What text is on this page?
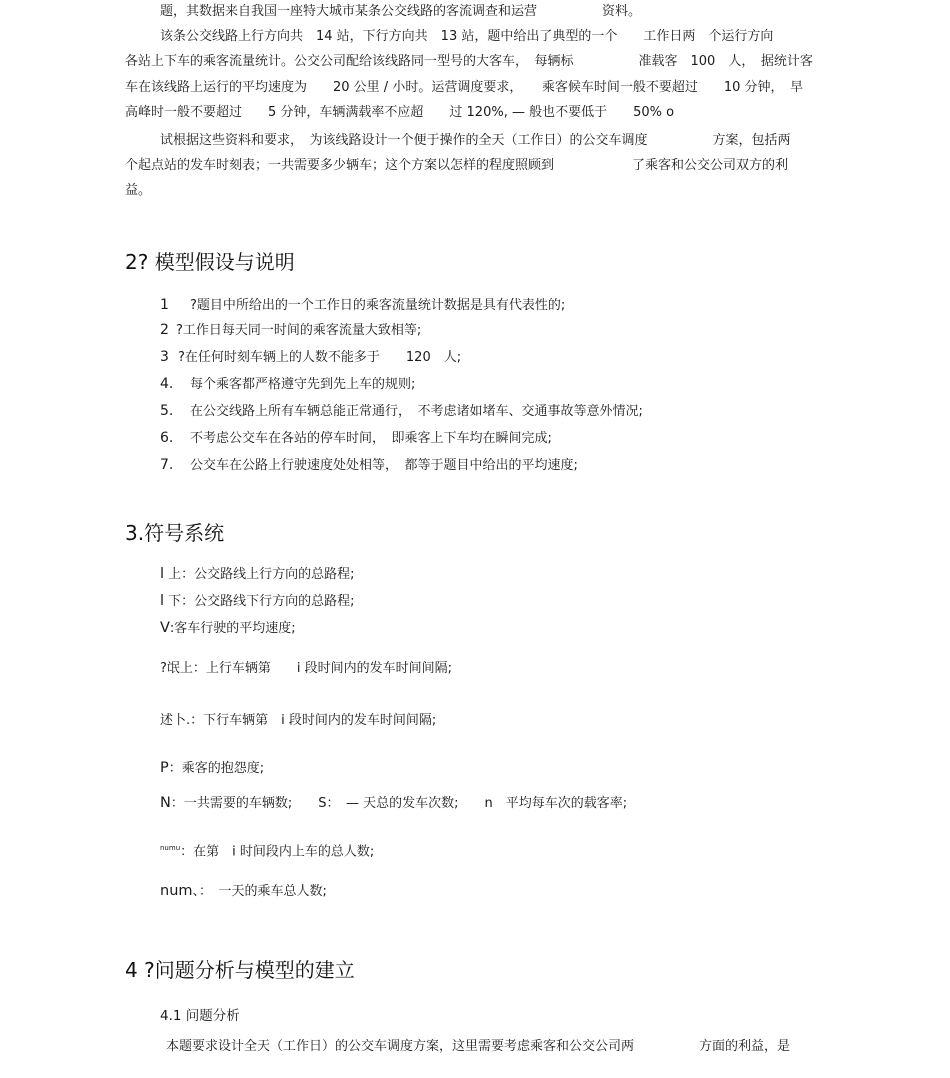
题，其数据来自我国一座特大城市某条公交线路的客流调查和运营　　　　　资料。
该条公交线路上行方向共　14 站，下行方向共　13 站，题中给出了典型的一个　　工作日两　个运行方向
各站上下车的乘客流量统计。公交公司配给该线路同一型号的大客车，　每辆标　　　　　准载客　100　人，　据统计客
车在该线路上运行的平均速度为　　20 公里 / 小时。运营调度要求，　　乘客候车时间一般不要超过　　10 分钟，　早
高峰时一般不要超过　　5 分钟，车辆满载率不应超　　过 120%, — 般也不要低于　　50% o
试根据这些资料和要求，　为该线路设计一个便于操作的全天（工作日）的公交车调度　　　　　方案，包括两
个起点站的发车时刻表；一共需要多少辆车；这个方案以怎样的程度照顾到　　　　　　了乘客和公交公司双方的利
益。
2? 模型假设与说明
1 ?题目中所给出的一个工作日的乘客流量统计数据是具有代表性的;
2 ?工作日每天同一时间的乘客流量大致相等;
3 ?在任何时刻车辆上的人数不能多于　　120　人;
4. 每个乘客都严格遵守先到先上车的规则;
5. 在公交线路上所有车辆总能正常通行，　不考虑诸如堵车、交通事故等意外情况;
6. 不考虑公交车在各站的停车时间，　即乘客上下车均在瞬间完成;
7. 公交车在公路上行驶速度处处相等，　都等于题目中给出的平均速度;
3.符号系统
l 上：公交路线上行方向的总路程;
l 下：公交路线下行方向的总路程;
V:客车行驶的平均速度;
?氓上：上行车辆第　　i 段时间内的发车时间间隔;
述卜.：下行车辆第　i 段时间内的发车时间间隔;
P：乘客的抱怨度;
N：一共需要的车辆数;　　S：　— 天总的发车次数;　　n　平均每车次的载客率;
$^{numu}$：在第　i 时间段内上车的总人数;
num、：　一天的乘车总人数;
4 ?问题分析与模型的建立
4.1 问题分析
本题要求设计全天（工作日）的公交车调度方案，这里需要考虑乘客和公交公司两　　　　　方面的利益，是
